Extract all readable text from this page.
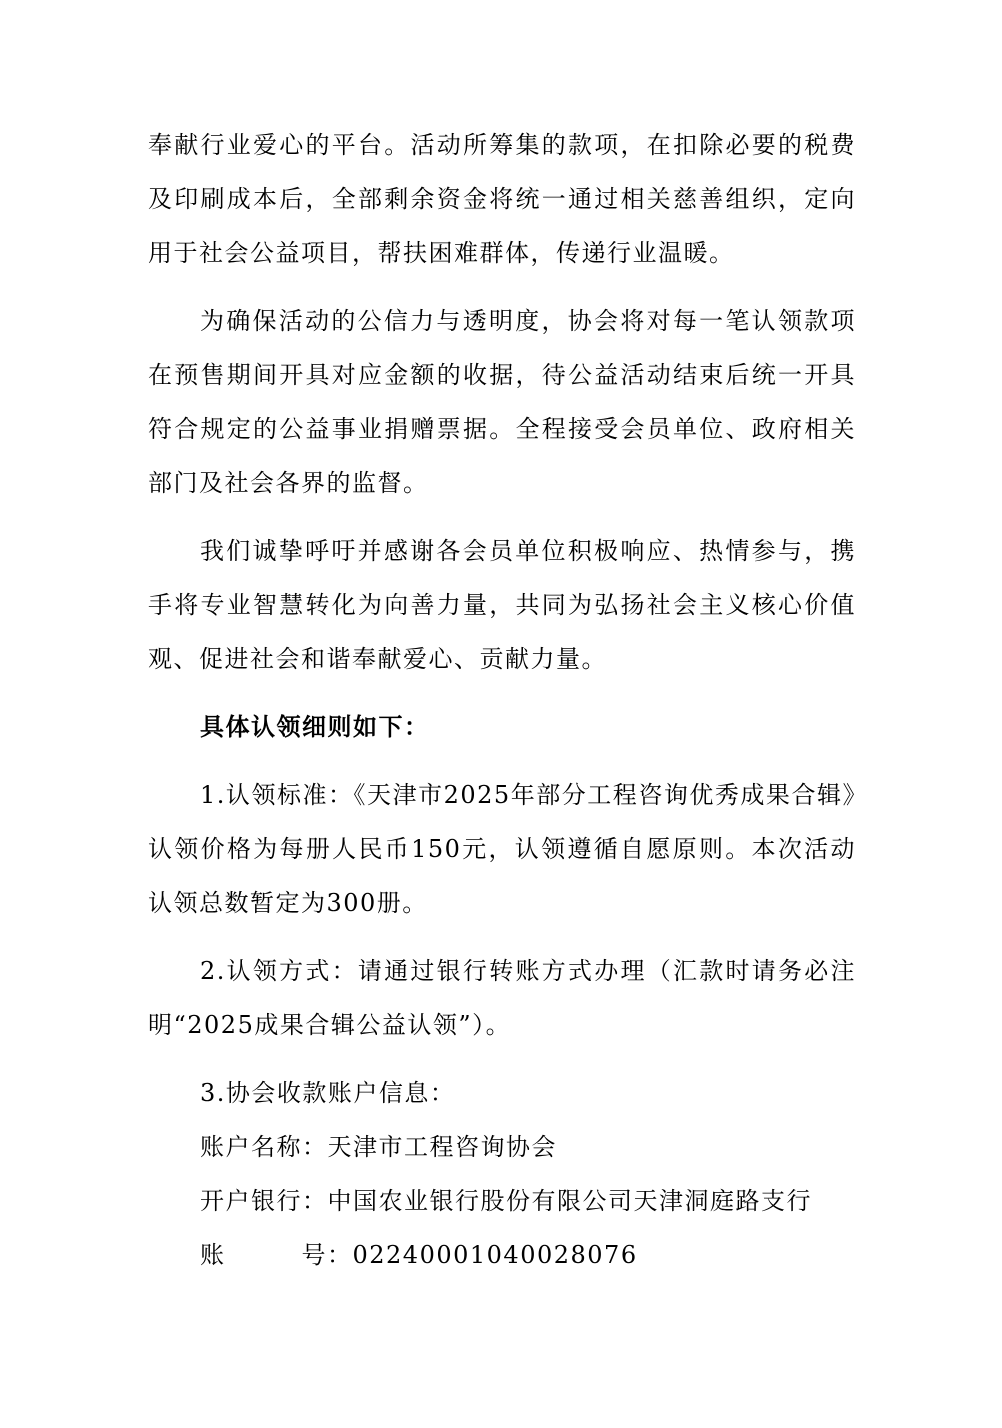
奉献行业爱心的平台。活动所筹集的款项，在扣除必要的税费及印刷成本后，全部剩余资金将统一通过相关慈善组织，定向用于社会公益项目，帮扶困难群体，传递行业温暖。

为确保活动的公信力与透明度，协会将对每一笔认领款项在预售期间开具对应金额的收据，待公益活动结束后统一开具符合规定的公益事业捐赠票据。全程接受会员单位、政府相关部门及社会各界的监督。

我们诚挚呼吁并感谢各会员单位积极响应、热情参与，携手将专业智慧转化为向善力量，共同为弘扬社会主义核心价值观、促进社会和谐奉献爱心、贡献力量。

具体认领细则如下：

1.认领标准：《天津市2025年部分工程咨询优秀成果合辑》认领价格为每册人民币150元，认领遵循自愿原则。本次活动认领总数暂定为300册。

2.认领方式：请通过银行转账方式办理（汇款时请务必注明“2025成果合辑公益认领”）。

3.协会收款账户信息：

账户名称：天津市工程咨询协会

开户银行：中国农业银行股份有限公司天津洞庭路支行

账号：02240001040028076
